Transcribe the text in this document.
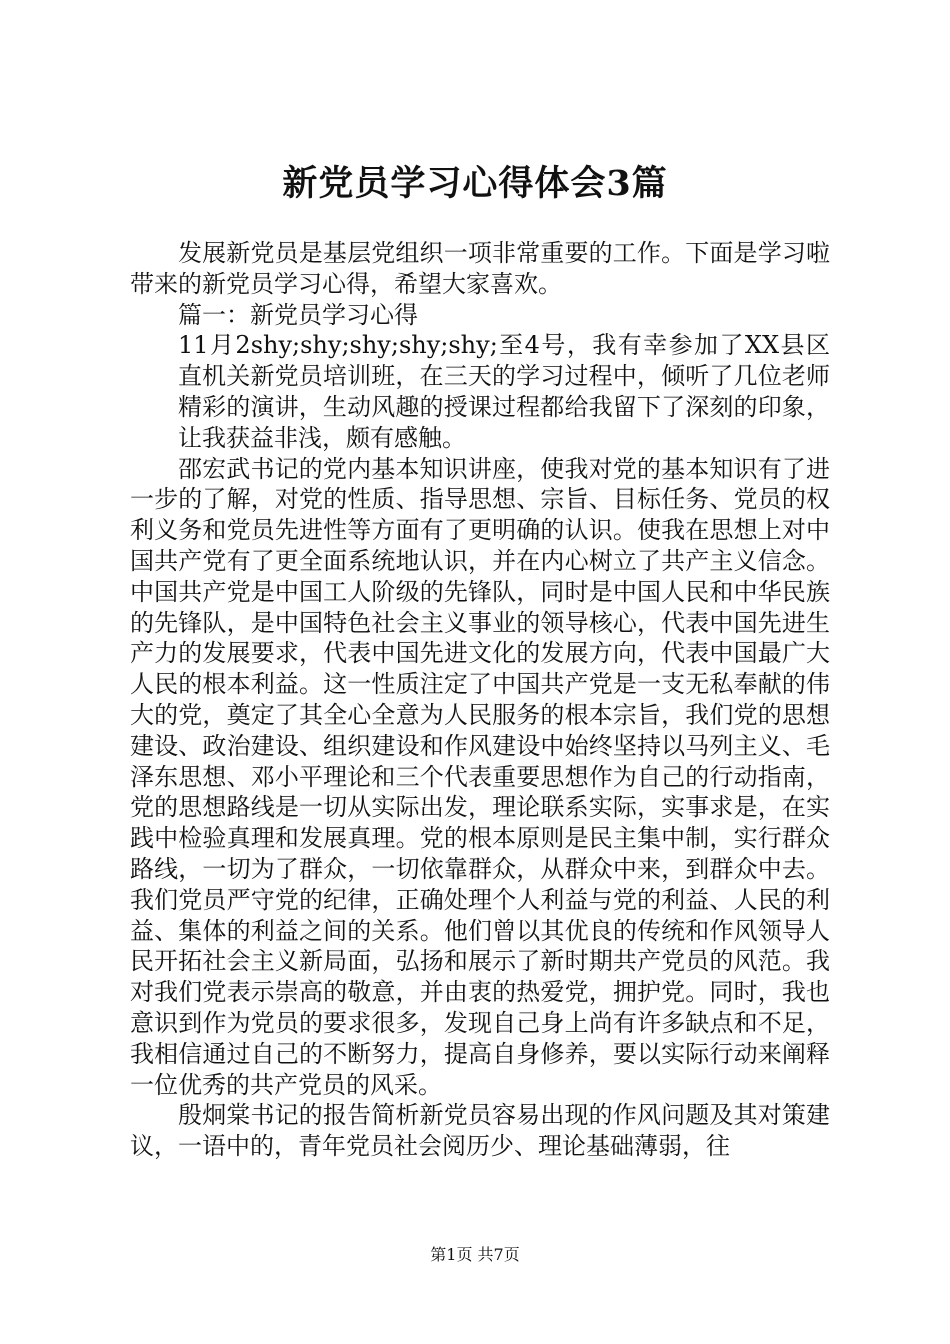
新党员学习心得体会3篇

发展新党员是基层党组织一项非常重要的工作。下面是学习啦带来的新党员学习心得，希望大家喜欢。

篇一：新党员学习心得

11月2shy;shy;shy;shy;shy;至4号，我有幸参加了XX县区直机关新党员培训班，在三天的学习过程中，倾听了几位老师精彩的演讲，生动风趣的授课过程都给我留下了深刻的印象，让我获益非浅，颇有感触。

邵宏武书记的党内基本知识讲座，使我对党的基本知识有了进一步的了解，对党的性质、指导思想、宗旨、目标任务、党员的权利义务和党员先进性等方面有了更明确的认识。使我在思想上对中国共产党有了更全面系统地认识，并在内心树立了共产主义信念。中国共产党是中国工人阶级的先锋队，同时是中国人民和中华民族的先锋队，是中国特色社会主义事业的领导核心，代表中国先进生产力的发展要求，代表中国先进文化的发展方向，代表中国最广大人民的根本利益。这一性质注定了中国共产党是一支无私奉献的伟大的党，奠定了其全心全意为人民服务的根本宗旨，我们党的思想建设、政治建设、组织建设和作风建设中始终坚持以马列主义、毛泽东思想、邓小平理论和三个代表重要思想作为自己的行动指南，党的思想路线是一切从实际出发，理论联系实际，实事求是，在实践中检验真理和发展真理。党的根本原则是民主集中制，实行群众路线，一切为了群众，一切依靠群众，从群众中来，到群众中去。我们党员严守党的纪律，正确处理个人利益与党的利益、人民的利益、集体的利益之间的关系。他们曾以其优良的传统和作风领导人民开拓社会主义新局面，弘扬和展示了新时期共产党员的风范。我对我们党表示崇高的敬意，并由衷的热爱党，拥护党。同时，我也意识到作为党员的要求很多，发现自己身上尚有许多缺点和不足，我相信通过自己的不断努力，提高自身修养，要以实际行动来阐释一位优秀的共产党员的风采。

殷炯棠书记的报告简析新党员容易出现的作风问题及其对策建议，一语中的，青年党员社会阅历少、理论基础薄弱，往

第1页 共7页
